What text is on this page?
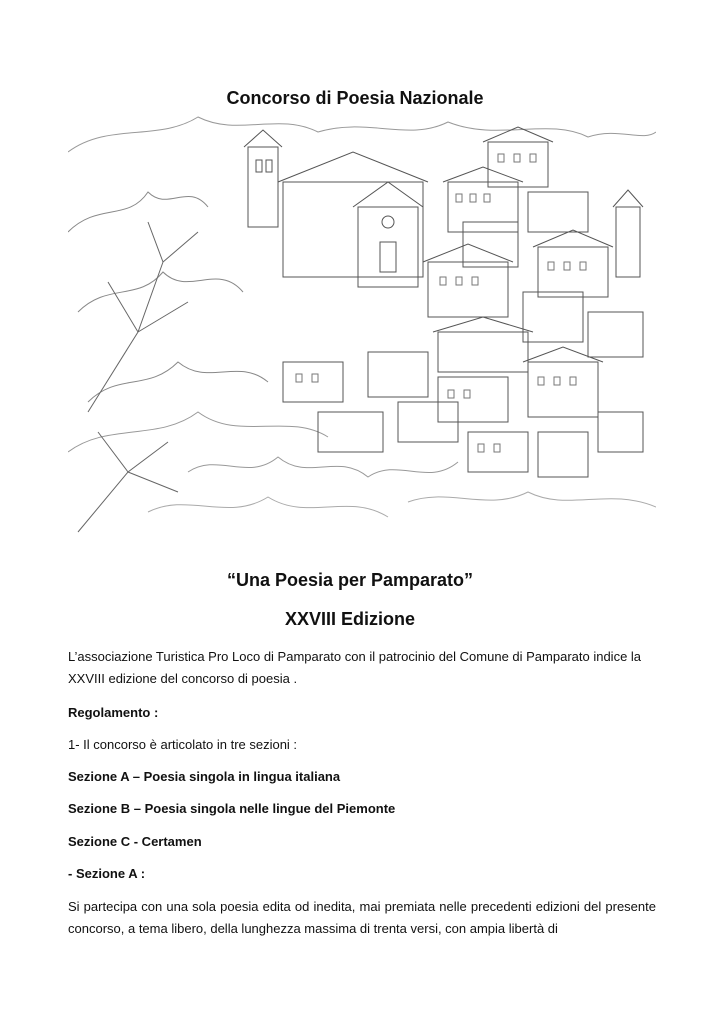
Concorso di Poesia Nazionale
“Una Poesia per Pamparato”
XXVIII Edizione
L’associazione Turistica Pro Loco di Pamparato con il patrocinio del Comune di Pamparato indice la XXVIII edizione del concorso di poesia .
Regolamento :
1- Il concorso è articolato in tre sezioni :
Sezione A – Poesia singola in lingua italiana
Sezione B – Poesia singola nelle lingue del Piemonte
Sezione C - Certamen
- Sezione A :
Si partecipa con una sola poesia edita od inedita, mai premiata nelle precedenti edizioni del presente concorso, a tema libero, della lunghezza massima di trenta versi, con ampia libertà di
